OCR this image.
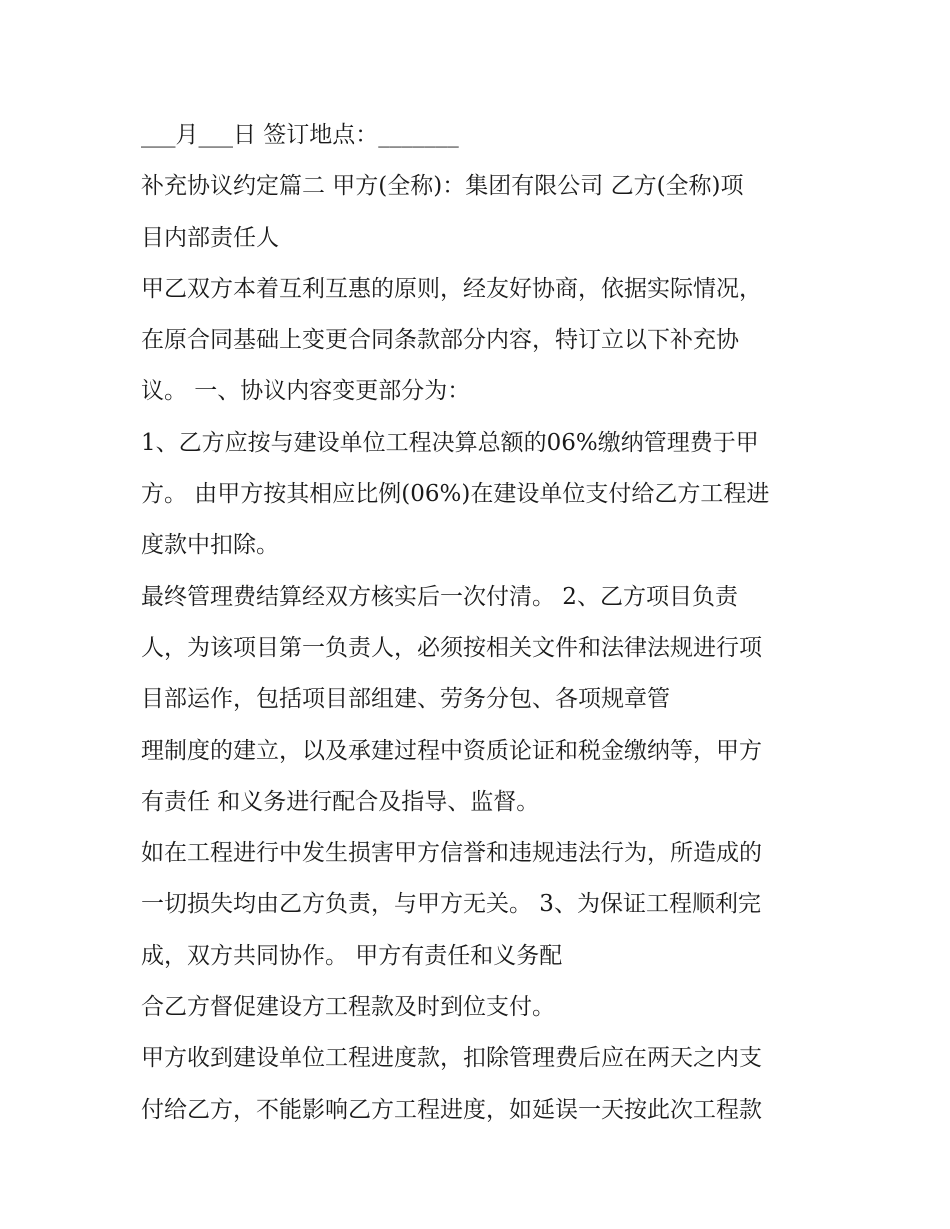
___月___日 签订地点：_______
补充协议约定篇二 甲方(全称)：集团有限公司 乙方(全称)项
目内部责任人
甲乙双方本着互利互惠的原则，经友好协商，依据实际情况，
在原合同基础上变更合同条款部分内容，特订立以下补充协
议。 一、协议内容变更部分为：
1、乙方应按与建设单位工程决算总额的06%缴纳管理费于甲
方。 由甲方按其相应比例(06%)在建设单位支付给乙方工程进
度款中扣除。
最终管理费结算经双方核实后一次付清。 2、乙方项目负责
人，为该项目第一负责人，必须按相关文件和法律法规进行项
目部运作，包括项目部组建、劳务分包、各项规章管
理制度的建立，以及承建过程中资质论证和税金缴纳等，甲方
有责任 和义务进行配合及指导、监督。
如在工程进行中发生损害甲方信誉和违规违法行为，所造成的
一切损失均由乙方负责，与甲方无关。 3、为保证工程顺利完
成，双方共同协作。 甲方有责任和义务配
合乙方督促建设方工程款及时到位支付。
甲方收到建设单位工程进度款，扣除管理费后应在两天之内支
付给乙方，不能影响乙方工程进度，如延误一天按此次工程款
